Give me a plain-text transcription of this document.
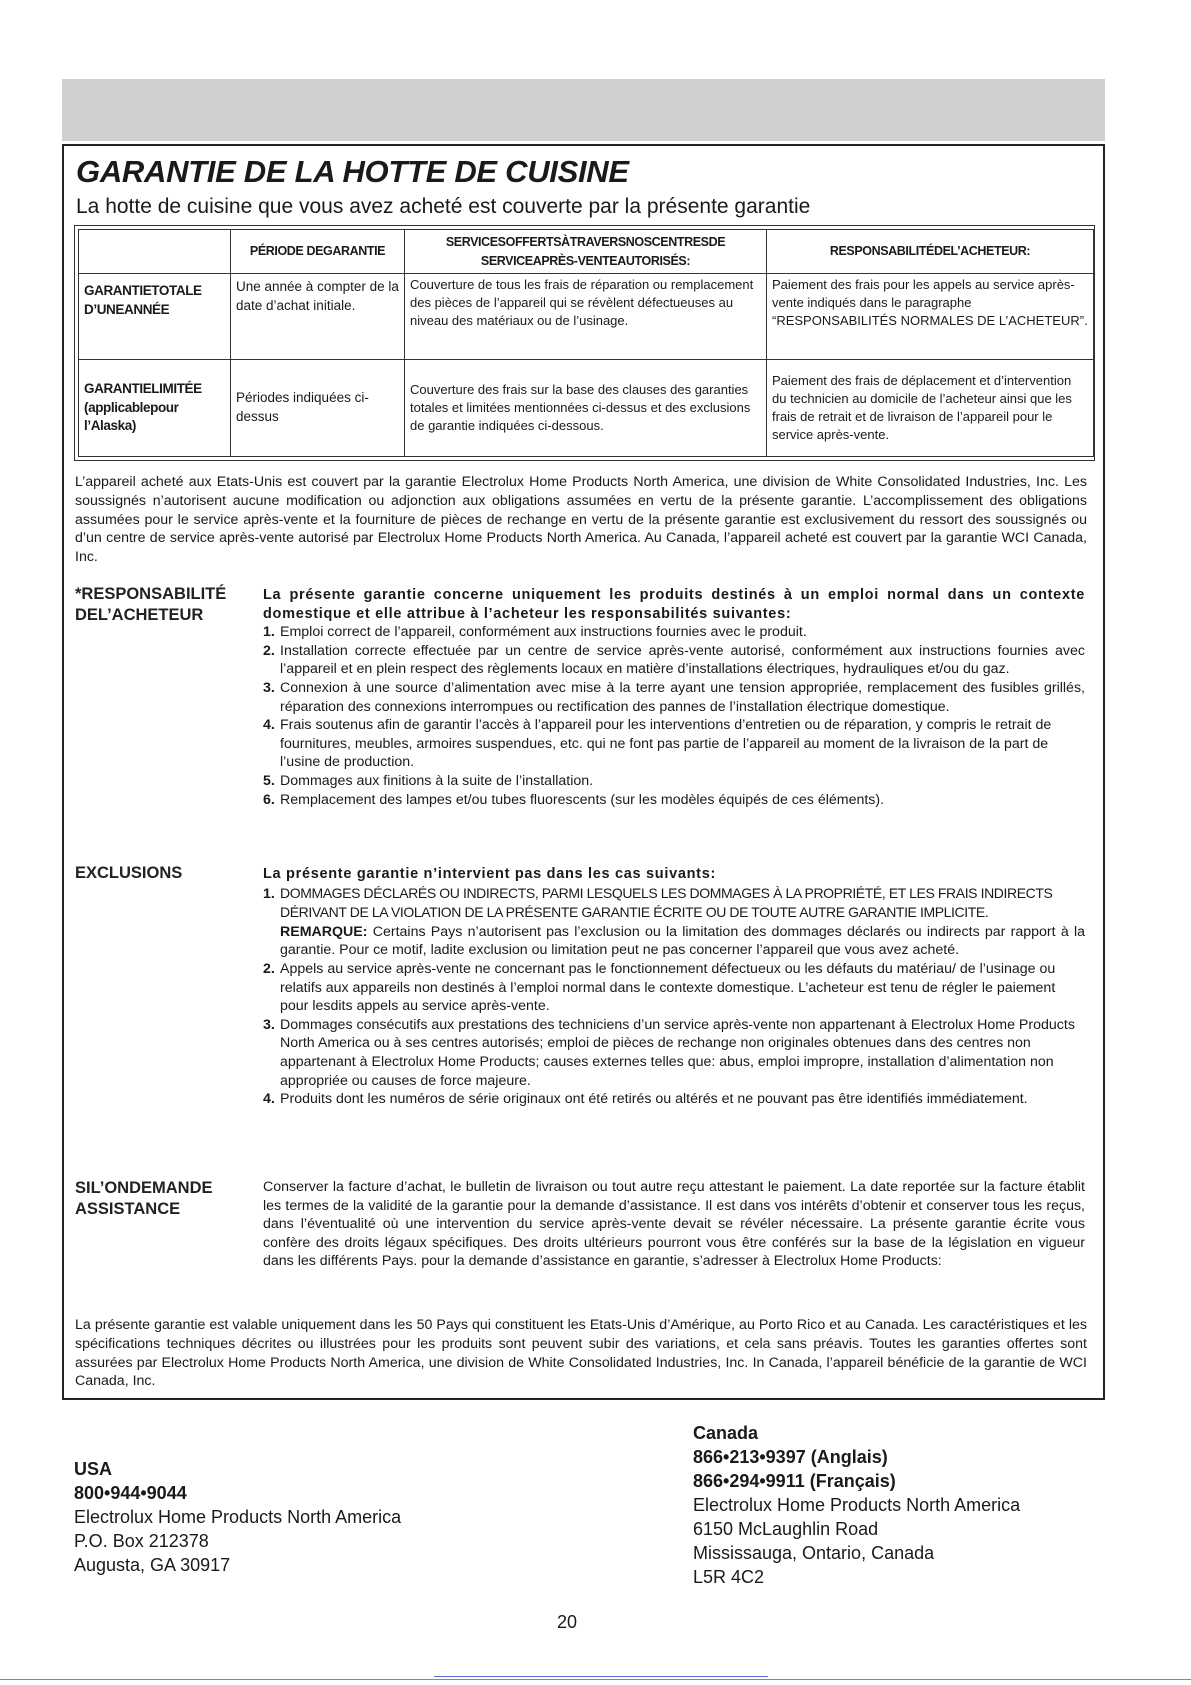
GARANTIE DE LA HOTTE DE CUISINE
La hotte de cuisine que vous avez acheté est couverte par la présente garantie
	PÉRIODE DEGARANTIE	SERVICESOFFERTSÀTRAVERSNOSCENTRESDE SERVICEAPRÈS-VENTEAUTORISÉS:	RESPONSABILITÉDEL’ACHETEUR:
GARANTIETOTALE D’UNEANNÉE	Une année à compter de la date d’achat initiale.	Couverture de tous les frais de réparation ou remplacement des pièces de l’appareil qui se révèlent défectueuses au niveau des matériaux ou de l’usinage.	Paiement des frais pour les appels au service après-vente indiqués dans le paragraphe “RESPONSABILITÉS NORMALES DE L’ACHETEUR”.
GARANTIELIMITÉE (applicablepour l’Alaska)	Périodes indiquées ci-dessus	Couverture des frais sur la base des clauses des garanties totales et limitées mentionnées ci-dessus et des exclusions de garantie indiquées ci-dessous.	Paiement des frais de déplacement et d’intervention du technicien au domicile de l’acheteur ainsi que les frais de retrait et de livraison de l’appareil pour le service après-vente.

L’appareil acheté aux Etats-Unis est couvert par la garantie Electrolux Home Products North America, une division de White Consolidated Industries, Inc. Les soussignés n’autorisent aucune modification ou adjonction aux obligations assumées en vertu de la présente garantie. L’accomplissement des obligations assumées pour le service après-vente et la fourniture de pièces de rechange en vertu de la présente garantie est exclusivement du ressort des soussignés ou d’un centre de service après-vente autorisé par Electrolux Home Products North America. Au Canada, l’appareil acheté est couvert par la garantie WCI Canada, Inc.

*RESPONSABILITÉ
DEL’ACHETEUR

La présente garantie concerne uniquement les produits destinés à un emploi normal dans un contexte domestique et elle attribue à l’acheteur les responsabilités suivantes:

1. Emploi correct de l’appareil, conformément aux instructions fournies avec le produit.
2. Installation correcte effectuée par un centre de service après-vente autorisé, conformément aux instructions fournies avec l’appareil et en plein respect des règlements locaux en matière d’installations électriques, hydrauliques et/ou du gaz.
3. Connexion à une source d’alimentation avec mise à la terre ayant une tension appropriée, remplacement des fusibles grillés, réparation des connexions interrompues ou rectification des pannes de l’installation électrique domestique.
4. Frais soutenus afin de garantir l’accès à l’appareil pour les interventions d’entretien ou de réparation, y compris le retrait de fournitures, meubles, armoires suspendues, etc. qui ne font pas partie de l’appareil au moment de la livraison de la part de l’usine de production.
5. Dommages aux finitions à la suite de l’installation.
6. Remplacement des lampes et/ou tubes fluorescents (sur les modèles équipés de ces éléments).
EXCLUSIONS	La présente garantie n’intervient pas dans les cas suivants:

1. DOMMAGES DÉCLARÉS OU INDIRECTS, PARMI LESQUELS LES DOMMAGES À LA PROPRIÉTÉ, ET LES FRAIS INDIRECTS DÉRIVANT DE LA VIOLATION DE LA PRÉSENTE GARANTIE ÉCRITE OU DE TOUTE AUTRE GARANTIE IMPLICITE.
REMARQUE: Certains Pays n’autorisent pas l’exclusion ou la limitation des dommages déclarés ou indirects par rapport à la garantie. Pour ce motif, ladite exclusion ou limitation peut ne pas concerner l’appareil que vous avez acheté.
2. Appels au service après-vente ne concernant pas le fonctionnement défectueux ou les défauts du matériau/ de l’usinage ou relatifs aux appareils non destinés à l’emploi normal dans le contexte domestique. L’acheteur est tenu de régler le paiement pour lesdits appels au service après-vente.
3. Dommages consécutifs aux prestations des techniciens d’un service après-vente non appartenant à Electrolux Home Products North America ou à ses centres autorisés; emploi de pièces de rechange non originales obtenues dans des centres non appartenant à Electrolux Home Products; causes externes telles que: abus, emploi impropre, installation d’alimentation non appropriée ou causes de force majeure.
4. Produits dont les numéros de série originaux ont été retirés ou altérés et ne pouvant pas être identifiés immédiatement.
SIL’ONDEMANDE
ASSISTANCE
Conserver la facture d’achat, le bulletin de livraison ou tout autre reçu attestant le paiement. La date reportée sur la facture établit les termes de la validité de la garantie pour la demande d’assistance. Il est dans vos intérêts d’obtenir et conserver tous les reçus, dans l’éventualité où une intervention du service après-vente devait se révéler nécessaire. La présente garantie écrite vous confère des droits légaux spécifiques. Des droits ultérieurs pourront vous être conférés sur la base de la législation en vigueur dans les différents Pays. pour la demande d’assistance en garantie, s’adresser à Electrolux Home Products:

La présente garantie est valable uniquement dans les 50 Pays qui constituent les Etats-Unis d’Amérique, au Porto Rico et au Canada. Les caractéristiques et les spécifications techniques décrites ou illustrées pour les produits sont peuvent subir des variations, et cela sans préavis. Toutes les garanties offertes sont assurées par Electrolux Home Products North America, une division de White Consolidated Industries, Inc. In Canada, l’appareil bénéficie de la garantie de WCI Canada, Inc.

USA
800•944•9044
Electrolux Home Products North America
P.O. Box 212378
Augusta, GA 30917
Canada
866•213•9397 (Anglais)
866•294•9911 (Français)
Electrolux Home Products North America
6150 McLaughlin Road
Mississauga, Ontario, Canada
L5R 4C2
20
